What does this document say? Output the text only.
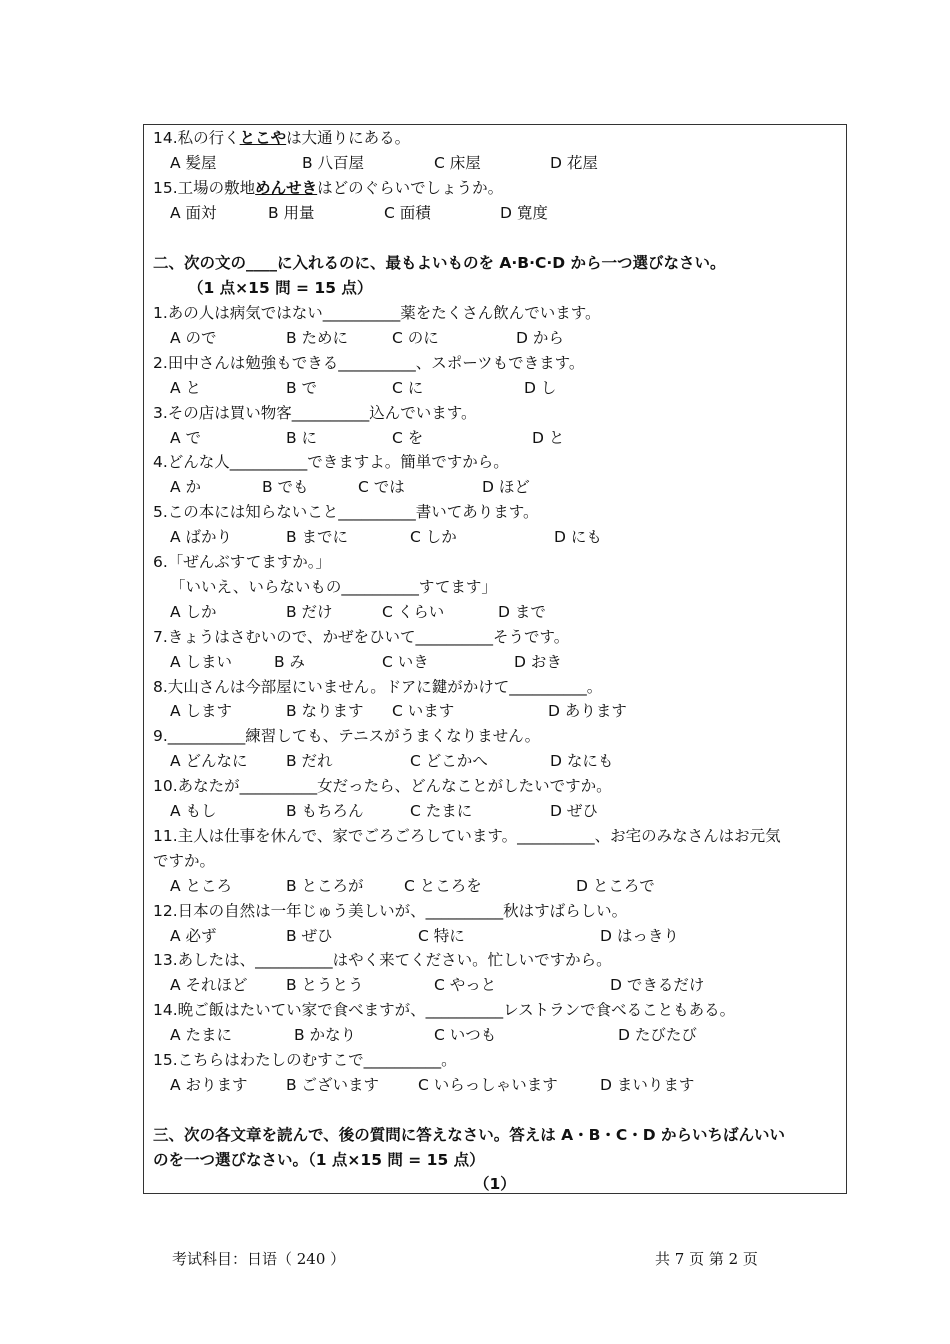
14.私の行くとこやは大通りにある。
A 髪屋	B 八百屋	C 床屋	D 花屋
15.工場の敷地めんせきはどのぐらいでしょうか。
A 面対	B 用量	C 面積	D 寛度
二、次の文の____に入れるのに、最もよいものを A·B·C·D から一つ選びなさい。
（1 点×15 問 = 15 点）
1.あの人は病気ではない__________薬をたくさん飲んでいます。
A ので	B ために	C のに	D から
2.田中さんは勉強もできる__________、スポーツもできます。
A と	B で	C に	D し
3.その店は買い物客__________込んでいます。
A で	B に	C を	D と
4.どんな人__________できますよ。簡単ですから。
A か	B でも	C では	D ほど
5.この本には知らないこと__________書いてあります。
A ばかり	B までに	C しか	D にも
6.「ぜんぶすてますか。」
「いいえ、いらないもの__________すてます」
A しか	B だけ	C くらい	D まで
7.きょうはさむいので、かぜをひいて__________そうです。
A しまい	B み	C いき	D おき
8.大山さんは今部屋にいません。ドアに鍵がかけて__________。
A します	B なります C います	D あります
9.__________練習しても、テニスがうまくなりません。
A どんなに B だれ	C どこかへ	D なにも
10.あなたが__________女だったら、どんなことがしたいですか。
A もし	B もちろん	C たまに	D ぜひ
11.主人は仕事を休んで、家でごろごろしています。__________、お宅のみなさんはお元気
ですか。
A ところ	B ところが	C ところを	D ところで
12.日本の自然は一年じゅう美しいが、__________秋はすばらしい。
A 必ず	B ぜひ	C 特に	D はっきり
13.あしたは、__________はやく来てください。忙しいですから。
A それほど B とうとう	C やっと	D できるだけ
14.晩ご飯はたいてい家で食べますが、__________レストランで食べることもある。
A たまに	B かなり	C いつも	D たびたび
15.こちらはわたしのむすこで__________。
A おります B ございます	C いらっしゃいます	D まいります
三、次の各文章を読んで、後の質問に答えなさい。答えは A・B・C・D からいちばんいい
のを一つ選びなさい。（1 点×15 問 = 15 点）
（1）
考试科目：日语（ 240 ）	共 7 页 第 2 页
